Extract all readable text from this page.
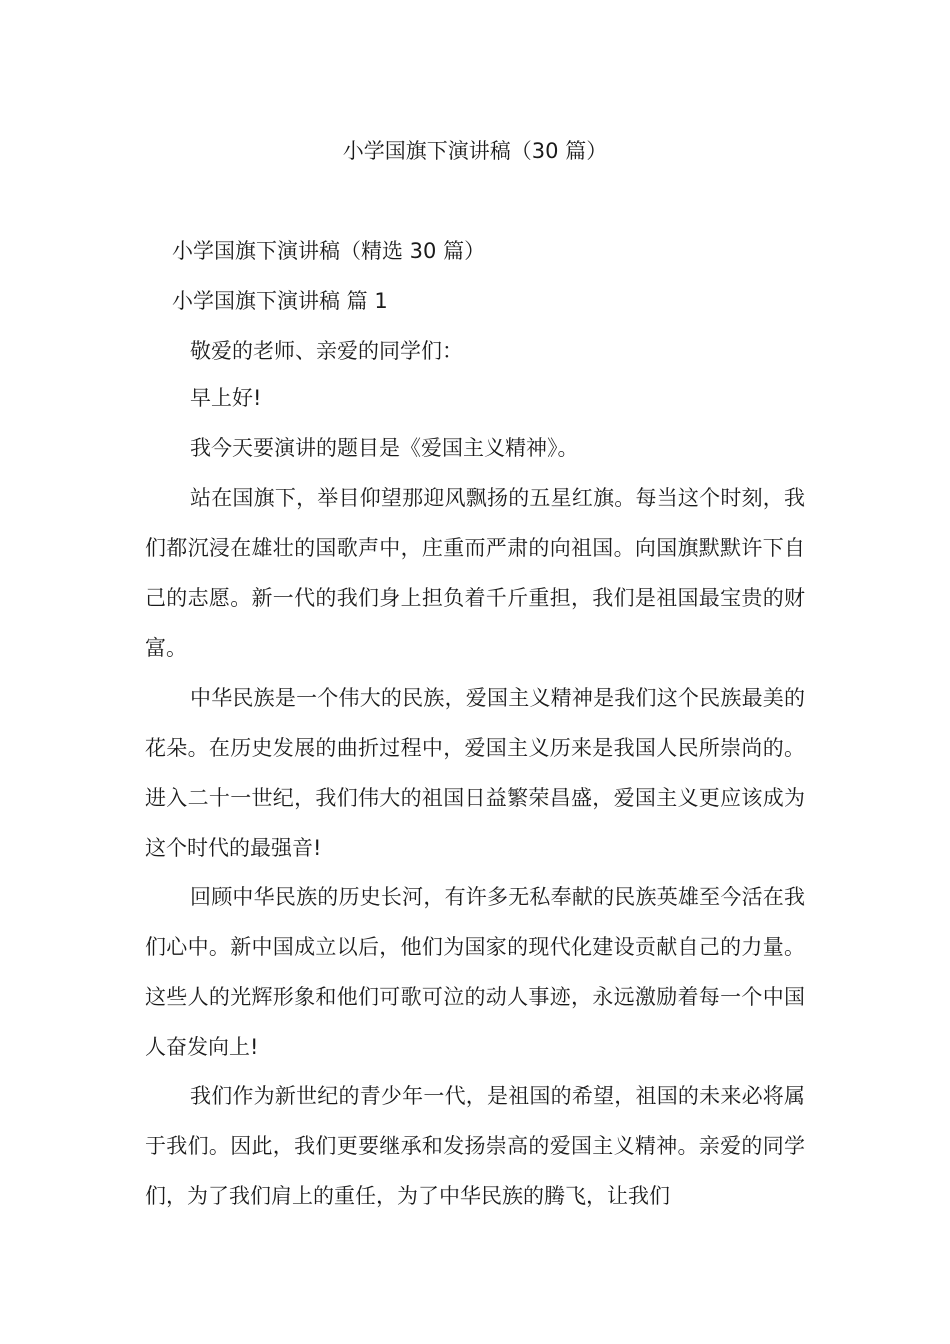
小学国旗下演讲稿（30 篇）
小学国旗下演讲稿（精选 30 篇）
小学国旗下演讲稿 篇 1
敬爱的老师、亲爱的同学们：
早上好!
我今天要演讲的题目是《爱国主义精神》。

站在国旗下，举目仰望那迎风飘扬的五星红旗。每当这个时刻，我们都沉浸在雄壮的国歌声中，庄重而严肃的向祖国。向国旗默默许下自己的志愿。新一代的我们身上担负着千斤重担，我们是祖国最宝贵的财富。

中华民族是一个伟大的民族，爱国主义精神是我们这个民族最美的花朵。在历史发展的曲折过程中，爱国主义历来是我国人民所崇尚的。进入二十一世纪，我们伟大的祖国日益繁荣昌盛，爱国主义更应该成为这个时代的最强音!

回顾中华民族的历史长河，有许多无私奉献的民族英雄至今活在我们心中。新中国成立以后，他们为国家的现代化建设贡献自己的力量。这些人的光辉形象和他们可歌可泣的动人事迹，永远激励着每一个中国人奋发向上!

我们作为新世纪的青少年一代，是祖国的希望，祖国的未来必将属于我们。因此，我们更要继承和发扬崇高的爱国主义精神。亲爱的同学们，为了我们肩上的重任，为了中华民族的腾飞，让我们
